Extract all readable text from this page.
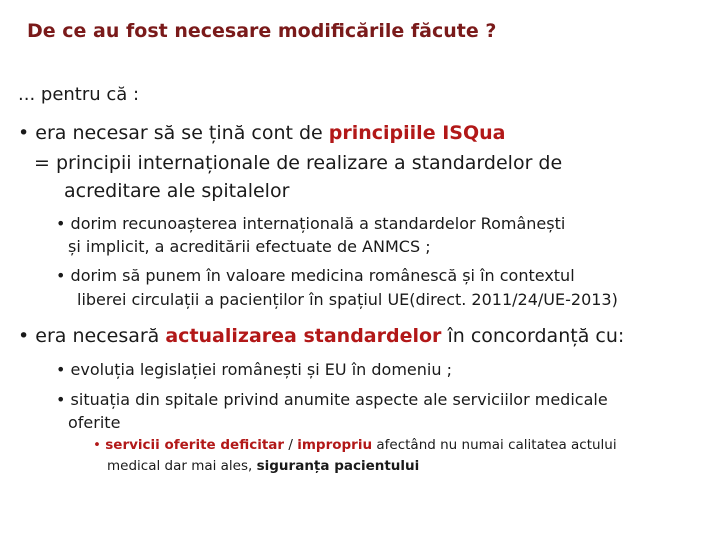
De ce au fost necesare modificările făcute ?

... pentru că :

• era necesar să se țină cont de principiile ISQua

= principii internaționale de realizare a standardelor de

acreditare ale spitalelor

• dorim recunoașterea internațională a standardelor Românești

și implicit, a acreditării efectuate de ANMCS ;

• dorim să punem în valoare medicina românescă și în contextul

liberei circulații a pacienților în spațiul UE(direct. 2011/24/UE-2013)

• era necesară actualizarea standardelor în concordanță cu:

• evoluția legislației românești și EU în domeniu ;

• situația din spitale privind anumite aspecte ale serviciilor medicale

oferite

• servicii oferite deficitar / impropriu afectând nu numai calitatea actului

medical dar mai ales, siguranța pacientului
